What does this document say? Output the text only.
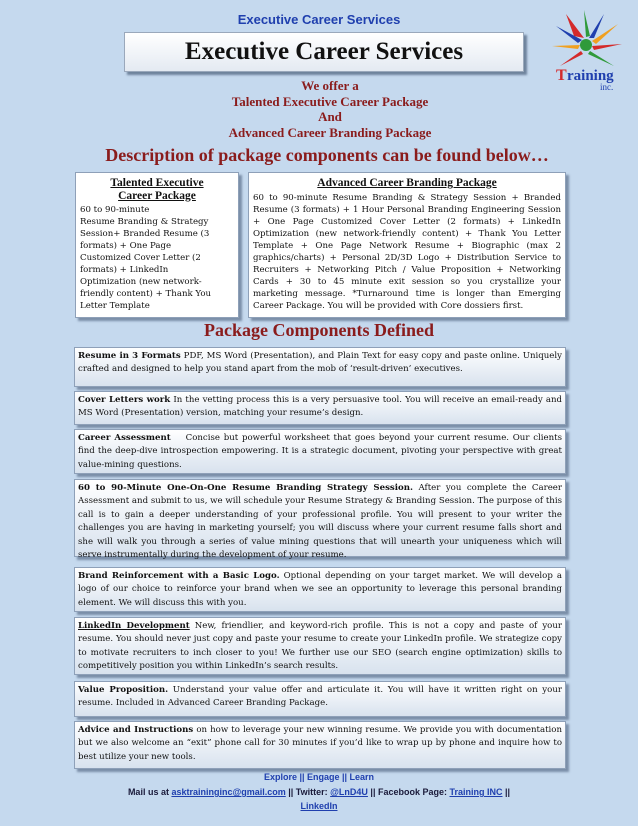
Executive Career Services
Executive Career Services
T raining
inc.
We offer a
Talented Executive Career Package
And
Advanced Career Branding Package
Description of package components can be found below…
Talented Executive
Career Package
60 to 90-minute
Resume Branding & Strategy
Session+ Branded Resume (3
formats) + One Page
Customized Cover Letter (2
formats) + LinkedIn
Optimization (new network-
friendly content) + Thank You
Letter Template
Advanced Career Branding Package
60 to 90-minute Resume Branding & Strategy Session + Branded Resume (3 formats) + 1 Hour Personal Branding Engineering Session + One Page Customized Cover Letter (2 formats) + LinkedIn Optimization (new network-friendly content) + Thank You Letter Template + One Page Network Resume + Biographic (max 2 graphics/charts) + Personal 2D/3D Logo + Distribution Service to Recruiters + Networking Pitch / Value Proposition + Networking Cards + 30 to 45 minute exit session so you crystallize your marketing message. *Turnaround time is longer than Emerging Career Package. You will be provided with Core dossiers first.
Package Components Defined
Resume in 3 Formats PDF, MS Word (Presentation), and Plain Text for easy copy and paste online. Uniquely crafted and designed to help you stand apart from the mob of ‘result-driven’ executives.
Cover Letters work In the vetting process this is a very persuasive tool. You will receive an email-ready and MS Word (Presentation) version, matching your resume’s design.
Career Assessment    Concise but powerful worksheet that goes beyond your current resume. Our clients find the deep-dive introspection empowering. It is a strategic document, pivoting your perspective with great value-mining questions.
60 to 90-Minute One-On-One Resume Branding Strategy Session. After you complete the Career Assessment and submit to us, we will schedule your Resume Strategy & Branding Session. The purpose of this call is to gain a deeper understanding of your professional profile. You will present to your writer the challenges you are having in marketing yourself; you will discuss where your current resume falls short and she will walk you through a series of value mining questions that will unearth your uniqueness which will serve instrumentally during the development of your resume.
Brand Reinforcement with a Basic Logo. Optional depending on your target market. We will develop a logo of our choice to reinforce your brand when we see an opportunity to leverage this personal branding element. We will discuss this with you.
LinkedIn Development New, friendlier, and keyword-rich profile. This is not a copy and paste of your resume. You should never just copy and paste your resume to create your LinkedIn profile. We strategize copy to motivate recruiters to inch closer to you! We further use our SEO (search engine optimization) skills to competitively position you within LinkedIn’s search results.
Value Proposition. Understand your value offer and articulate it. You will have it written right on your resume. Included in Advanced Career Branding Package.
Advice and Instructions on how to leverage your new winning resume. We provide you with documentation but we also welcome an “exit” phone call for 30 minutes if you’d like to wrap up by phone and inquire how to best utilize your new tools.
Explore || Engage || Learn
Mail us at asktraininginc@gmail.com || Twitter: @LnD4U || Facebook Page: Training INC ||
LinkedIn
